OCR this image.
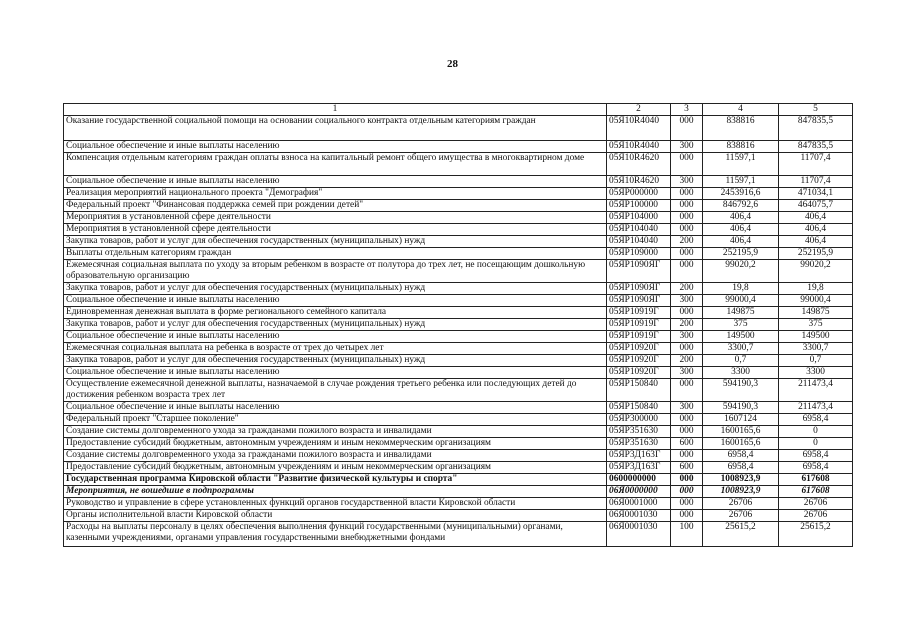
28
1	2	3	4	5
Оказание государственной социальной помощи на основании социального контракта отдельным категориям граждан	05Я10R4040	000	838816	847835,5
Социальное обеспечение и иные выплаты населению	05Я10R4040	300	838816	847835,5
Компенсация отдельным категориям граждан оплаты взноса на капитальный ремонт общего имущества в многоквартирном доме	05Я10R4620	000	11597,1	11707,4
Социальное обеспечение и иные выплаты населению	05Я10R4620	300	11597,1	11707,4
Реализация мероприятий национального проекта "Демография"	05ЯР000000	000	2453916,6	471034,1
Федеральный проект "Финансовая поддержка семей при рождении детей"	05ЯР100000	000	846792,6	464075,7
Мероприятия в установленной сфере деятельности	05ЯР104000	000	406,4	406,4
Мероприятия в установленной сфере деятельности	05ЯР104040	000	406,4	406,4
Закупка товаров, работ и услуг для обеспечения государственных (муниципальных) нужд	05ЯР104040	200	406,4	406,4
Выплаты отдельным категориям граждан	05ЯР109000	000	252195,9	252195,9
Ежемесячная социальная выплата по уходу за вторым ребенком в возрасте от полутора до трех лет, не посещающим дошкольную образовательную организацию	05ЯР1090ЯГ	000	99020,2	99020,2
Закупка товаров, работ и услуг для обеспечения государственных (муниципальных) нужд	05ЯР1090ЯГ	200	19,8	19,8
Социальное обеспечение и иные выплаты населению	05ЯР1090ЯГ	300	99000,4	99000,4
Единовременная денежная выплата в форме регионального семейного капитала	05ЯР10919Г	000	149875	149875
Закупка товаров, работ и услуг для обеспечения государственных (муниципальных) нужд	05ЯР10919Г	200	375	375
Социальное обеспечение и иные выплаты населению	05ЯР10919Г	300	149500	149500
Ежемесячная социальная выплата на ребенка в возрасте от трех до четырех лет	05ЯР10920Г	000	3300,7	3300,7
Закупка товаров, работ и услуг для обеспечения государственных (муниципальных) нужд	05ЯР10920Г	200	0,7	0,7
Социальное обеспечение и иные выплаты населению	05ЯР10920Г	300	3300	3300
Осуществление ежемесячной денежной выплаты, назначаемой в случае рождения третьего ребенка или последующих детей до достижения ребенком возраста трех лет	05ЯР150840	000	594190,3	211473,4
Социальное обеспечение и иные выплаты населению	05ЯР150840	300	594190,3	211473,4
Федеральный проект "Старшее поколение"	05ЯР300000	000	1607124	6958,4
Создание системы долговременного ухода за гражданами пожилого возраста и инвалидами	05ЯР351630	000	1600165,6	0
Предоставление субсидий бюджетным, автономным учреждениям и иным некоммерческим организациям	05ЯР351630	600	1600165,6	0
Создание системы долговременного ухода за гражданами пожилого возраста и инвалидами	05ЯР3Д163Г	000	6958,4	6958,4
Предоставление субсидий бюджетным, автономным учреждениям и иным некоммерческим организациям	05ЯР3Д163Г	600	6958,4	6958,4
Государственная программа Кировской области "Развитие физической культуры и спорта"	0600000000	000	1008923,9	617608
Мероприятия, не вошедшие в подпрограммы	06Я0000000	000	1008923,9	617608
Руководство и управление в сфере установленных функций органов государственной власти Кировской области	06Я0001000	000	26706	26706
Органы исполнительной власти Кировской области	06Я0001030	000	26706	26706
Расходы на выплаты персоналу в целях обеспечения выполнения функций государственными (муниципальными) органами, казенными учреждениями, органами управления государственными внебюджетными фондами	06Я0001030	100	25615,2	25615,2
